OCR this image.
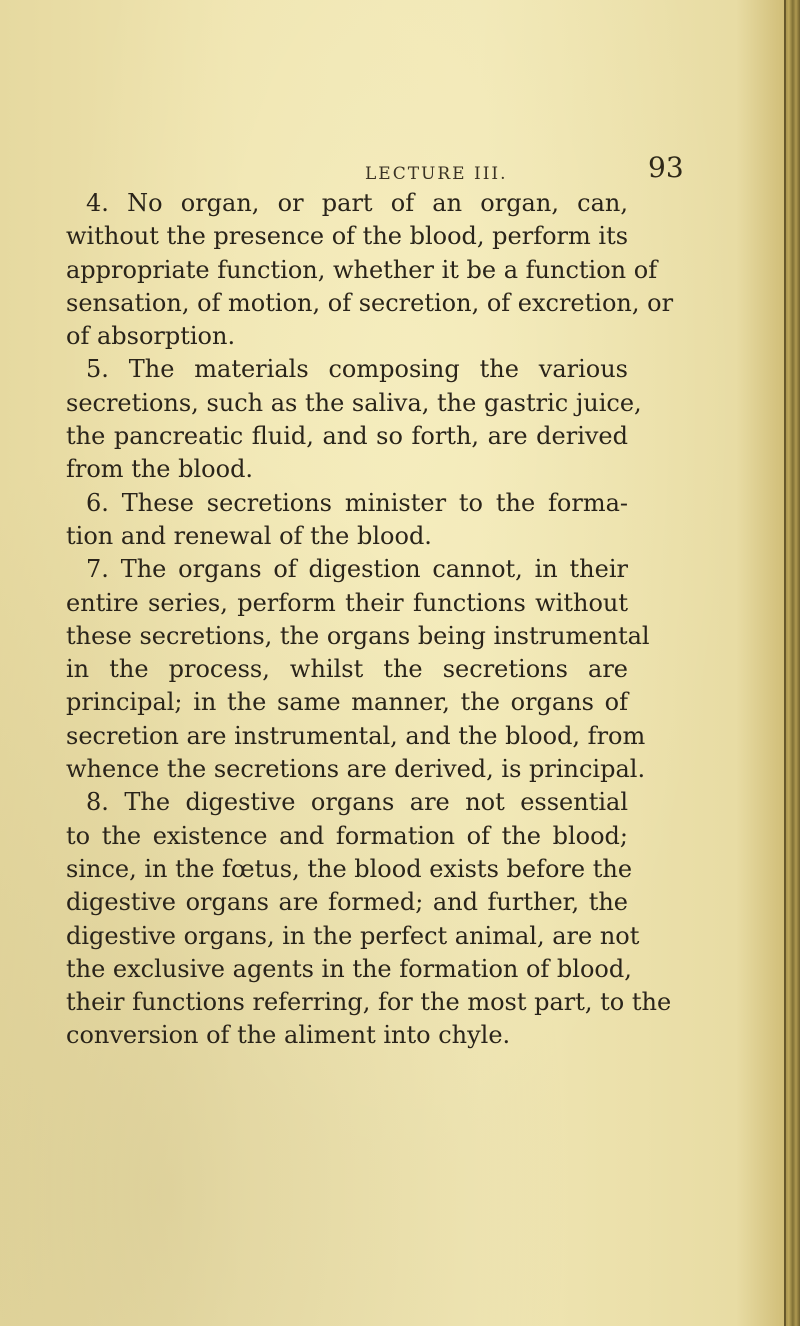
LECTURE III.	93
4. No organ, or part of an organ, can,
without the presence of the blood, perform its
appropriate function, whether it be a function of
sensation, of motion, of secretion, of excretion, or
of absorption.
5. The materials composing the various
secretions, such as the saliva, the gastric juice,
the pancreatic fluid, and so forth, are derived
from the blood.
6. These secretions minister to the forma-
tion and renewal of the blood.
7. The organs of digestion cannot, in their
entire series, perform their functions without
these secretions, the organs being instrumental
in the process, whilst the secretions are
principal; in the same manner, the organs of
secretion are instrumental, and the blood, from
whence the secretions are derived, is principal.
8. The digestive organs are not essential
to the existence and formation of the blood;
since, in the fœtus, the blood exists before the
digestive organs are formed; and further, the
digestive organs, in the perfect animal, are not
the exclusive agents in the formation of blood,
their functions referring, for the most part, to the
conversion of the aliment into chyle.
